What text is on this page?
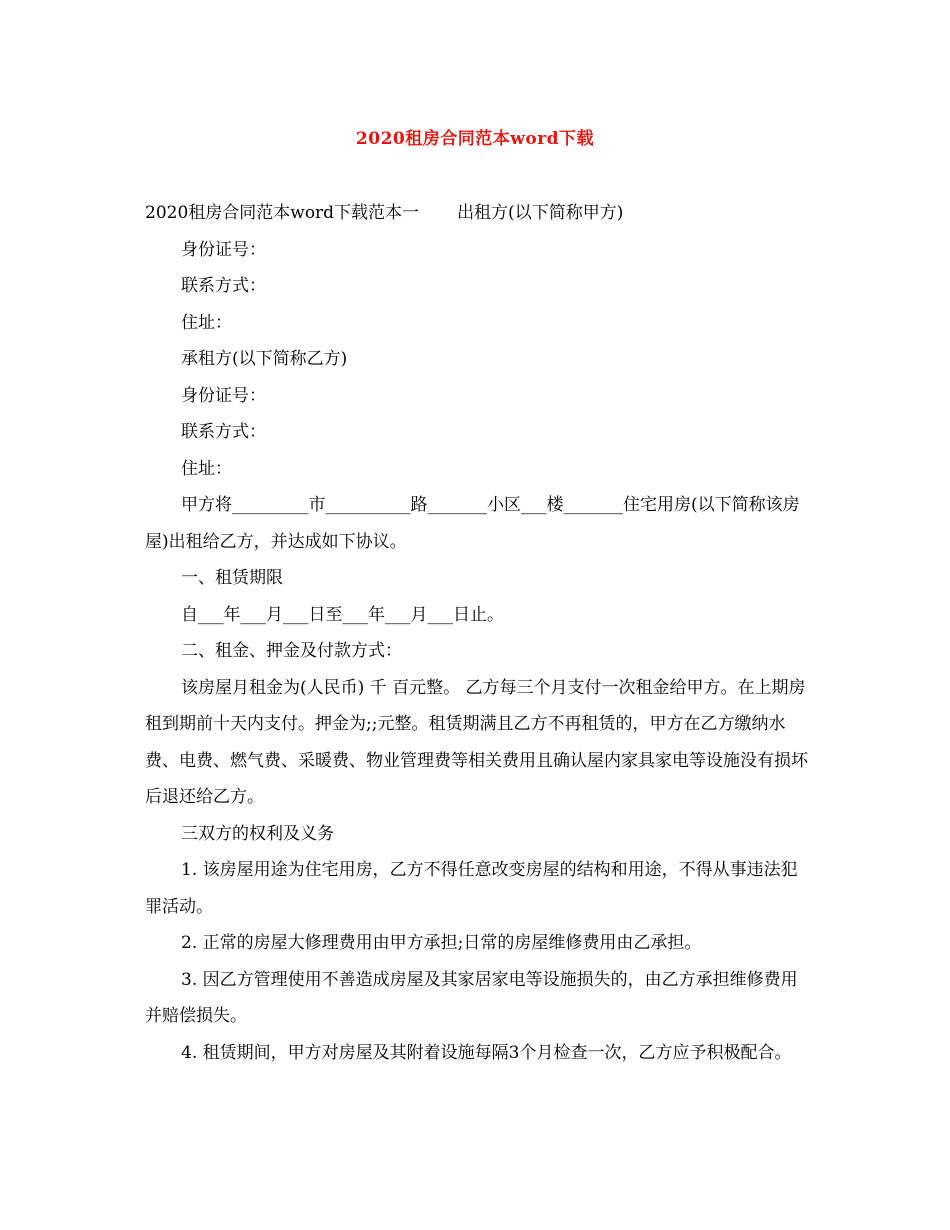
2020租房合同范本word下载

2020租房合同范本word下载范本一 出租方(以下简称甲方)

身份证号：

联系方式：

住址：

承租方(以下简称乙方)

身份证号：

联系方式：

住址：

甲方将_________市__________路_______小区___楼_______住宅用房(以下简称该房屋)出租给乙方，并达成如下协议。

一、租赁期限

自___年___月___日至___年___月___日止。

二、租金、押金及付款方式：

该房屋月租金为(人民币) 千 百元整。 乙方每三个月支付一次租金给甲方。在上期房租到期前十天内支付。押金为;;元整。租赁期满且乙方不再租赁的，甲方在乙方缴纳水费、电费、燃气费、采暖费、物业管理费等相关费用且确认屋内家具家电等设施没有损坏后退还给乙方。

三双方的权利及义务

1. 该房屋用途为住宅用房，乙方不得任意改变房屋的结构和用途，不得从事违法犯罪活动。

2. 正常的房屋大修理费用由甲方承担;日常的房屋维修费用由乙承担。

3. 因乙方管理使用不善造成房屋及其家居家电等设施损失的，由乙方承担维修费用并赔偿损失。

4. 租赁期间，甲方对房屋及其附着设施每隔3个月检查一次，乙方应予积极配合。
